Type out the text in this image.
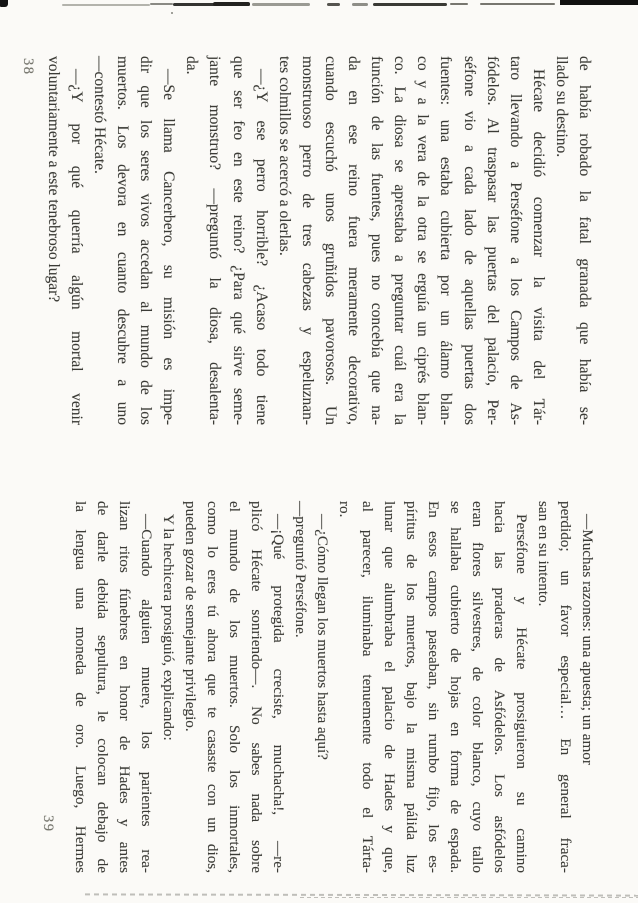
de había robado la fatal granada que había se-
llado su destino.
Hécate decidió comenzar la visita del Tár-
taro llevando a Perséfone a los Campos de As-
fódelos. Al traspasar las puertas del palacio, Per-
séfone vio a cada lado de aquellas puertas dos
fuentes: una estaba cubierta por un álamo blan-
co y a la vera de la otra se erguía un ciprés blan-
co. La diosa se aprestaba a preguntar cuál era la
función de las fuentes, pues no concebía que na-
da en ese reino fuera meramente decorativo,
cuando escuchó unos gruñidos pavorosos. Un
monstruoso perro de tres cabezas y espeluznan-
tes colmillos se acercó a olerlas.
—¿Y ese perro horrible? ¿Acaso todo tiene
que ser feo en este reino? ¿Para qué sirve seme-
jante monstruo? —preguntó la diosa, desalenta-
da.
—Se llama Cancerbero, su misión es impe-
dir que los seres vivos accedan al mundo de los
muertos. Los devora en cuanto descubre a uno
—contestó Hécate.
—¿Y por qué querría algún mortal venir
voluntariamente a este tenebroso lugar?
—Muchas razones: una apuesta; un amor
perdido; un favor especial… En general fraca-
san en su intento.
Perséfone y Hécate prosiguieron su camino
hacia las praderas de Asfódelos. Los asfódelos
eran flores silvestres, de color blanco, cuyo tallo
se hallaba cubierto de hojas en forma de espada.
En esos campos paseaban, sin rumbo fijo, los es-
píritus de los muertos, bajo la misma pálida luz
lunar que alumbraba el palacio de Hades y que,
al parecer, iluminaba tenuemente todo el Tárta-
ro.
—¿Cómo llegan los muertos hasta aquí?
—preguntó Perséfone.
—¡Qué protegida creciste, muchacha!, —re-
plicó Hécate sonriendo—. No sabes nada sobre
el mundo de los muertos. Solo los inmortales,
como lo eres tú ahora que te casaste con un dios,
pueden gozar de semejante privilegio.
Y la hechicera prosiguió, explicando:
—Cuando alguien muere, los parientes rea-
lizan ritos fúnebres en honor de Hades y antes
de darle debida sepultura, le colocan debajo de
la lengua una moneda de oro. Luego, Hermes
38
39
